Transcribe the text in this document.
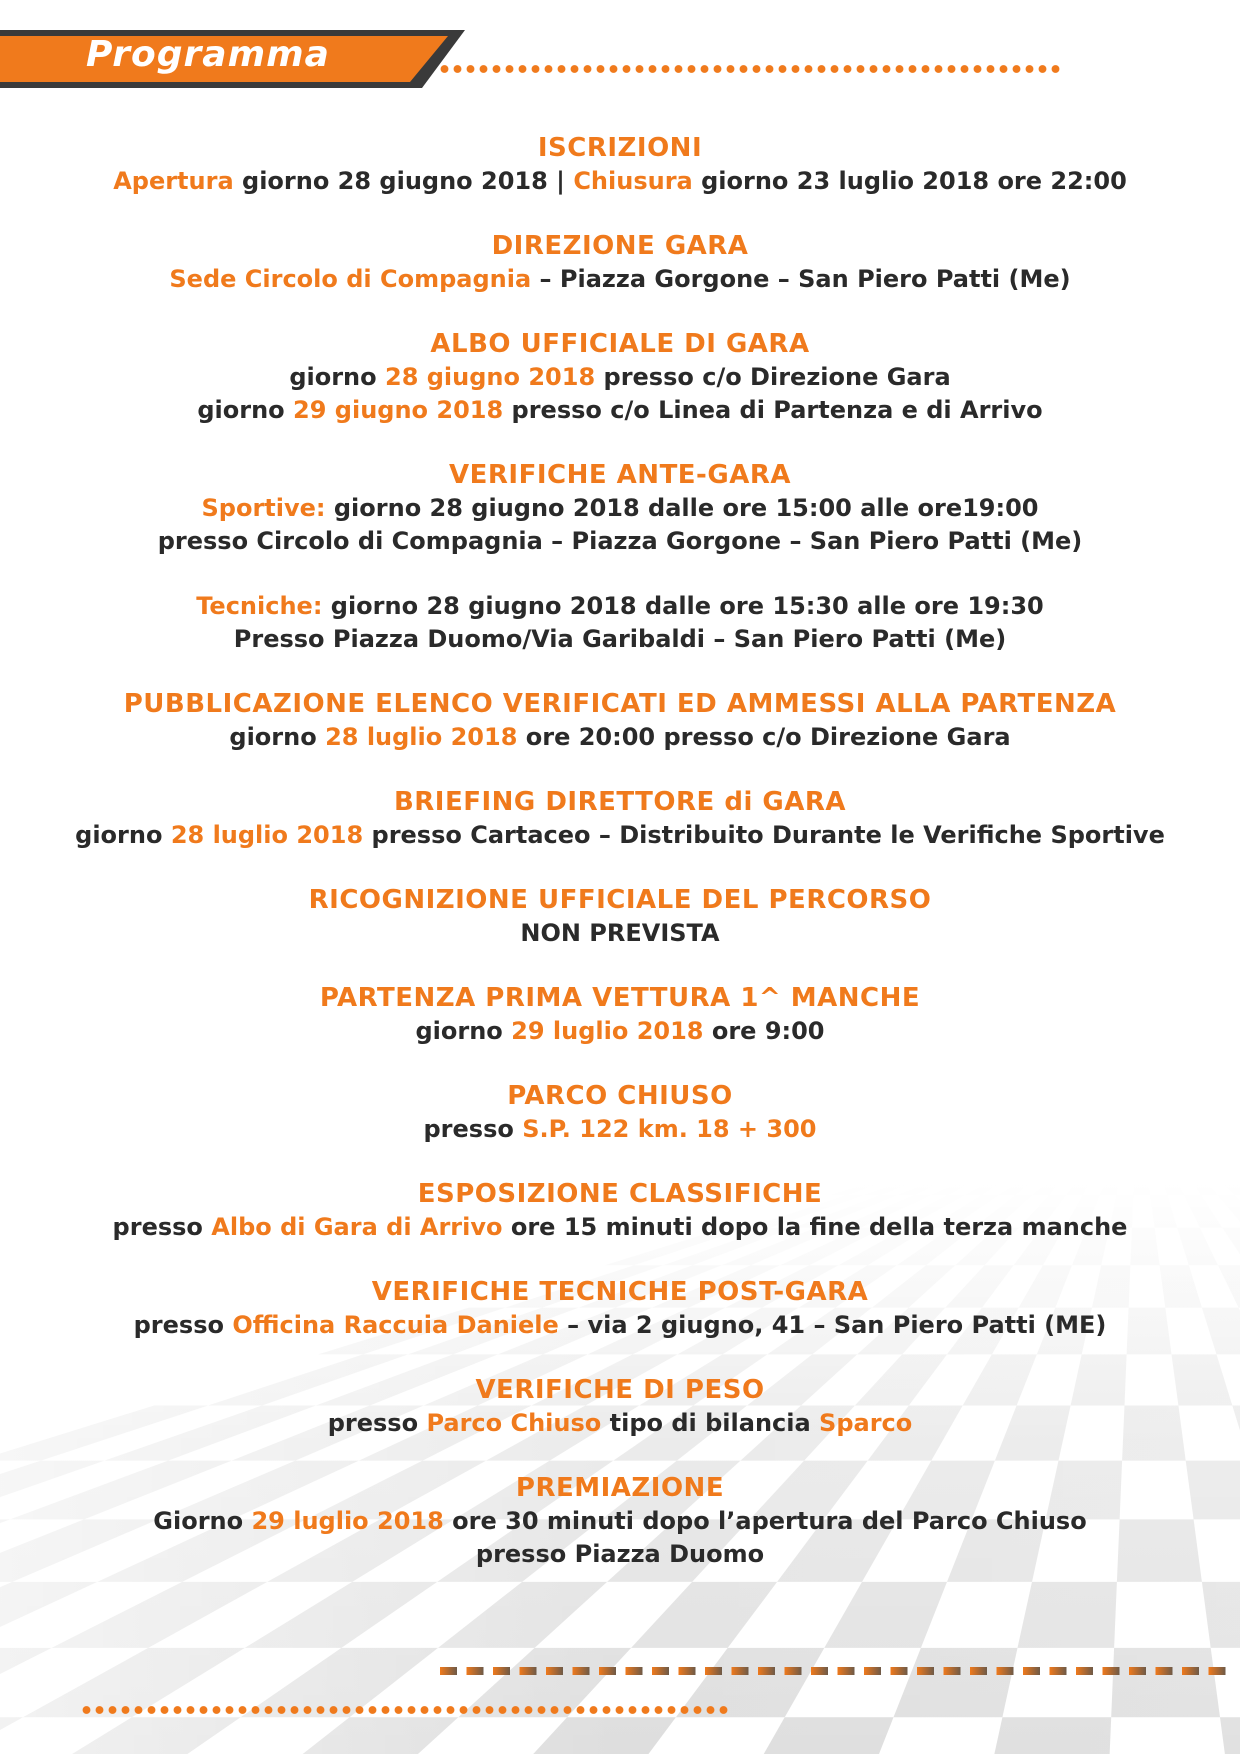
Programma
ISCRIZIONI
Apertura giorno 28 giugno 2018 | Chiusura giorno 23 luglio 2018 ore 22:00
DIREZIONE GARA
Sede Circolo di Compagnia – Piazza Gorgone – San Piero Patti (Me)
ALBO UFFICIALE DI GARA
giorno 28 giugno 2018 presso c/o Direzione Gara
giorno 29 giugno 2018 presso c/o Linea di Partenza e di Arrivo
VERIFICHE ANTE-GARA
Sportive: giorno 28 giugno 2018 dalle ore 15:00 alle ore19:00
presso Circolo di Compagnia – Piazza Gorgone – San Piero Patti (Me)
Tecniche: giorno 28 giugno 2018 dalle ore 15:30 alle ore 19:30
Presso Piazza Duomo/Via Garibaldi – San Piero Patti (Me)
PUBBLICAZIONE ELENCO VERIFICATI ED AMMESSI ALLA PARTENZA
giorno 28 luglio 2018 ore 20:00 presso c/o Direzione Gara
BRIEFING DIRETTORE di GARA
giorno 28 luglio 2018 presso Cartaceo – Distribuito Durante le Verifiche Sportive
RICOGNIZIONE UFFICIALE DEL PERCORSO
NON PREVISTA
PARTENZA PRIMA VETTURA 1^ MANCHE
giorno 29 luglio 2018 ore 9:00
PARCO CHIUSO
presso S.P. 122 km. 18 + 300
ESPOSIZIONE CLASSIFICHE
presso Albo di Gara di Arrivo ore 15 minuti dopo la fine della terza manche
VERIFICHE TECNICHE POST-GARA
presso Officina Raccuia Daniele – via 2 giugno, 41 – San Piero Patti (ME)
VERIFICHE DI PESO
presso Parco Chiuso tipo di bilancia Sparco
PREMIAZIONE
Giorno 29 luglio 2018 ore 30 minuti dopo l’apertura del Parco Chiuso
presso Piazza Duomo
